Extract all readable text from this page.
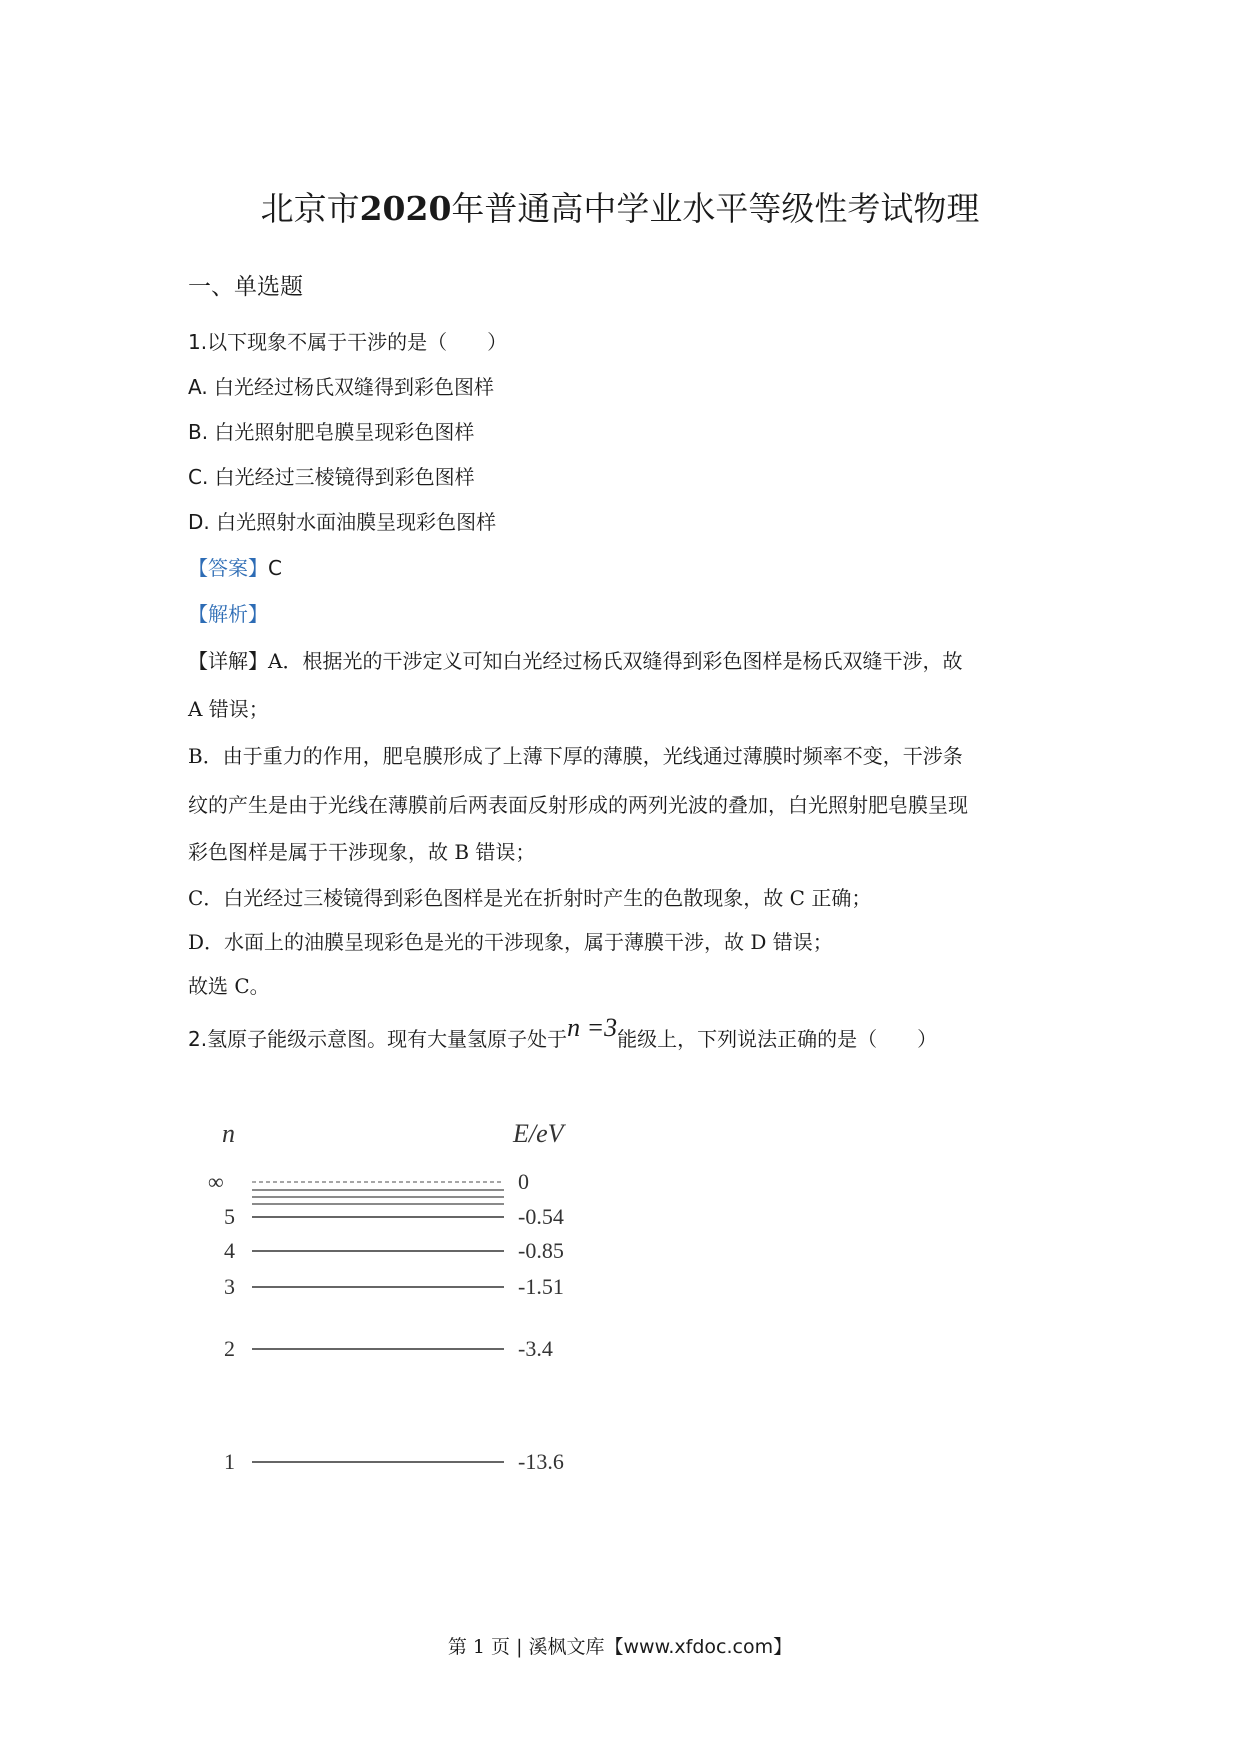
北京市2020年普通高中学业水平等级性考试物理
一、单选题
1.以下现象不属于干涉的是（　　）
A. 白光经过杨氏双缝得到彩色图样
B. 白光照射肥皂膜呈现彩色图样
C. 白光经过三棱镜得到彩色图样
D. 白光照射水面油膜呈现彩色图样
【答案】C
【解析】
【详解】A．根据光的干涉定义可知白光经过杨氏双缝得到彩色图样是杨氏双缝干涉，故
A 错误；
B．由于重力的作用，肥皂膜形成了上薄下厚的薄膜，光线通过薄膜时频率不变，干涉条
纹的产生是由于光线在薄膜前后两表面反射形成的两列光波的叠加，白光照射肥皂膜呈现
彩色图样是属于干涉现象，故 B 错误；
C．白光经过三棱镜得到彩色图样是光在折射时产生的色散现象，故 C 正确；
D．水面上的油膜呈现彩色是光的干涉现象，属于薄膜干涉，故 D 错误；
故选 C。
2.氢原子能级示意图。现有大量氢原子处于n =3能级上，下列说法正确的是（　　）
n	E/eV
∞	0
5	-0.54
4	-0.85
3	-1.51
2	-3.4
1	-13.6
第 1 页 | 溪枫文库【www.xfdoc.com】
